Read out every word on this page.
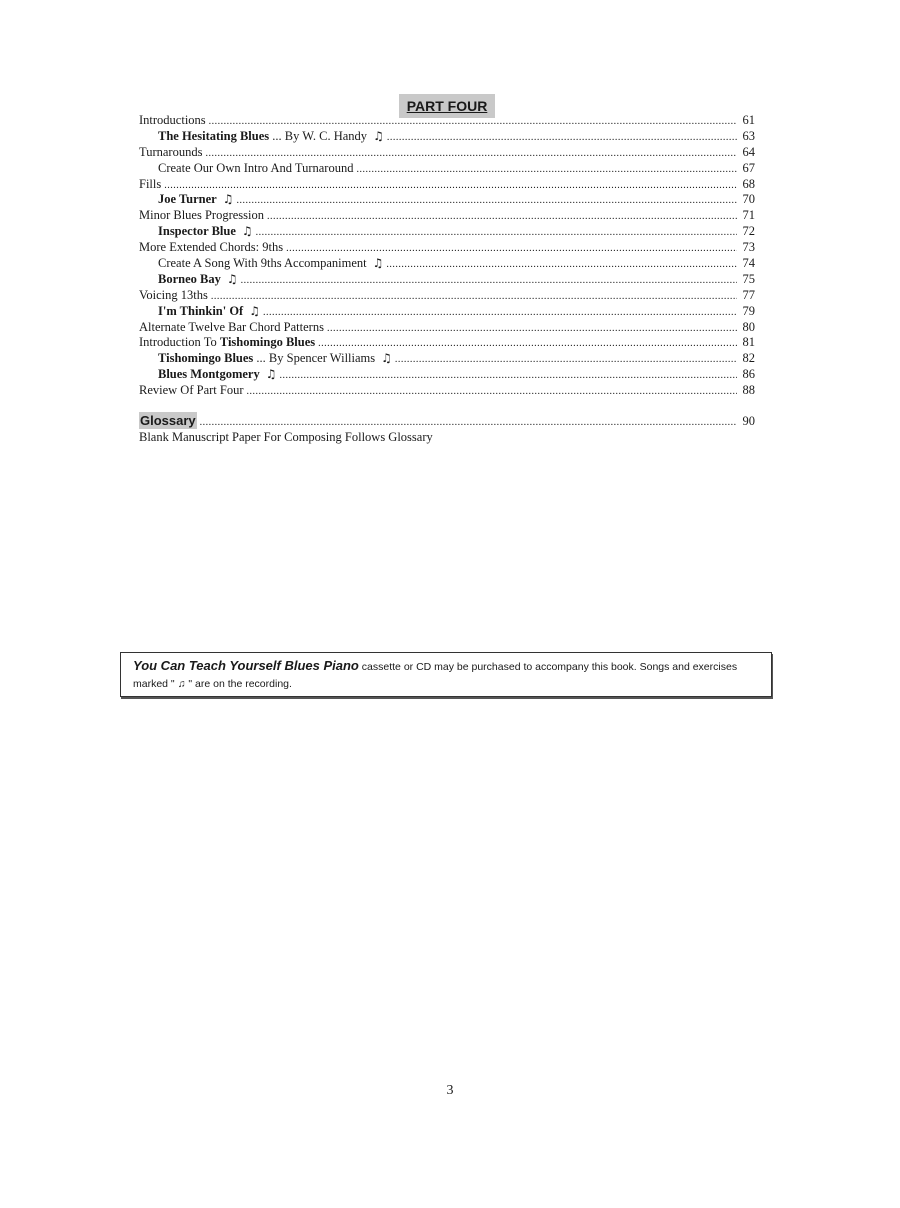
PART FOUR
Introductions .....	61
The Hesitating Blues ... By W. C. Handy ♫ .....	63
Turnarounds .....	64
Create Our Own Intro And Turnaround .....	67
Fills .....	68
Joe Turner ♫ .....	70
Minor Blues Progression .....	71
Inspector Blue ♫ .....	72
More Extended Chords: 9ths .....	73
Create A Song With 9ths Accompaniment ♫ .....	74
Borneo Bay ♫ .....	75
Voicing 13ths .....	77
I'm Thinkin' Of ♫ .....	79
Alternate Twelve Bar Chord Patterns .....	80
Introduction To Tishomingo Blues .....	81
Tishomingo Blues ... By Spencer Williams ♫ .....	82
Blues Montgomery ♫ .....	86
Review Of Part Four .....	88
Glossary .....	90
Blank Manuscript Paper For Composing Follows Glossary
You Can Teach Yourself Blues Piano cassette or CD may be purchased to accompany this book. Songs and exercises marked " ♫ " are on the recording.
3
